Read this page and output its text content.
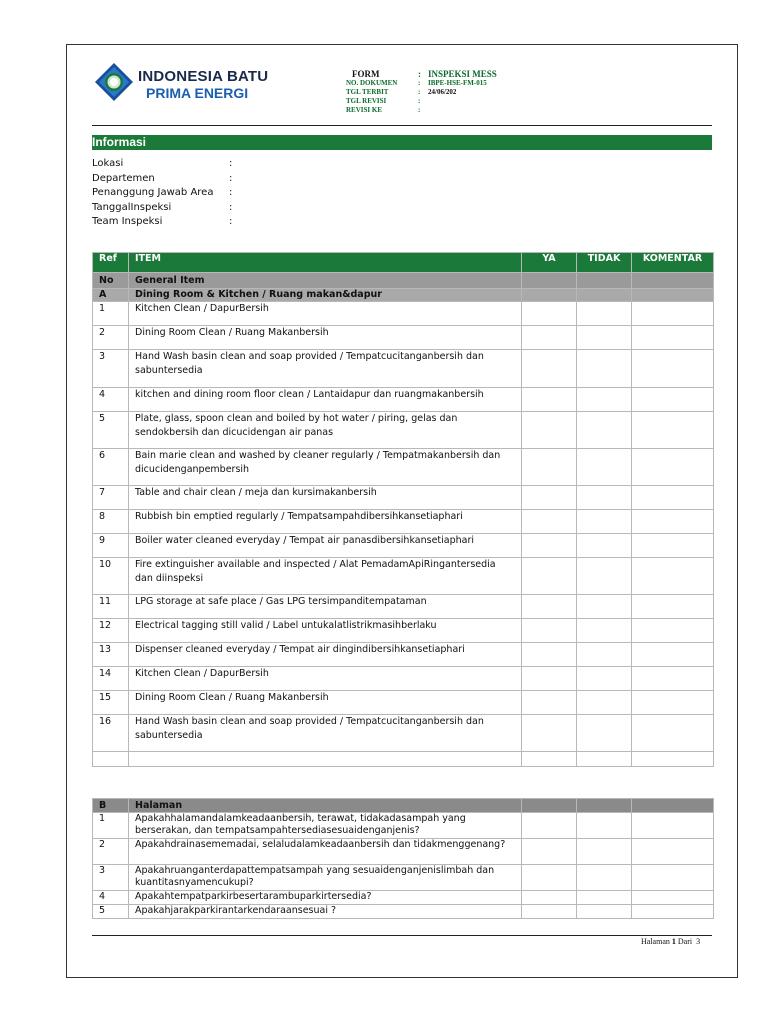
INDONESIA BATU
PRIMA ENERGI
FORM	: INSPEKSI MESS
NO. DOKUMEN	:	IBPE-HSE-FM-015
TGL TERBIT	:	24/06/202
TGL REVISI	:
REVISI KE	:
Informasi
Lokasi	:
Departemen	:
Penanggung Jawab Area	:
TanggalInspeksi	:
Team Inspeksi	:
Ref	ITEM	YA	TIDAK	KOMENTAR
No	General Item			
A	Dining Room & Kitchen / Ruang makan&dapur			
1	Kitchen Clean / DapurBersih			
2	Dining Room Clean / Ruang Makanbersih			
3	Hand Wash basin clean and soap provided / Tempatcucitanganbersih dan sabuntersedia			
4	kitchen and dining room floor clean / Lantaidapur dan ruangmakanbersih			
5	Plate, glass, spoon clean and boiled by hot water / piring, gelas dan sendokbersih dan dicucidengan air panas			
6	Bain marie clean and washed by cleaner regularly / Tempatmakanbersih dan dicucidenganpembersih			
7	Table and chair clean / meja dan kursimakanbersih			
8	Rubbish bin emptied regularly / Tempatsampahdibersihkansetiaphari			
9	Boiler water cleaned everyday / Tempat air panasdibersihkansetiaphari			
10	Fire extinguisher available and inspected / Alat PemadamApiRingantersedia dan diinspeksi			
11	LPG storage at safe place / Gas LPG tersimpanditempataman			
12	Electrical tagging still valid / Label untukalatlistrikmasihberlaku			
13	Dispenser cleaned everyday / Tempat air dingindibersihkansetiaphari			
14	Kitchen Clean / DapurBersih			
15	Dining Room Clean / Ruang Makanbersih			
16	Hand Wash basin clean and soap provided / Tempatcucitanganbersih dan sabuntersedia			

B	Halaman			
1	Apakahhalamandalamkeadaanbersih, terawat, tidakadasampah yang berserakan, dan tempatsampahtersediasesuaidenganjenis?			
2	Apakahdrainasememadai, selaludalamkeadaanbersih dan tidakmenggenang?			
3	Apakahruanganterdapattempatsampah yang sesuaidenganjenislimbah dan kuantitasnyamencukupi?			
4	Apakahtempatparkirbesertarambuparkirtersedia?			
5	Apakahjarakparkirantarkendaraansesuai ?			
Halaman 1 Dari 3
